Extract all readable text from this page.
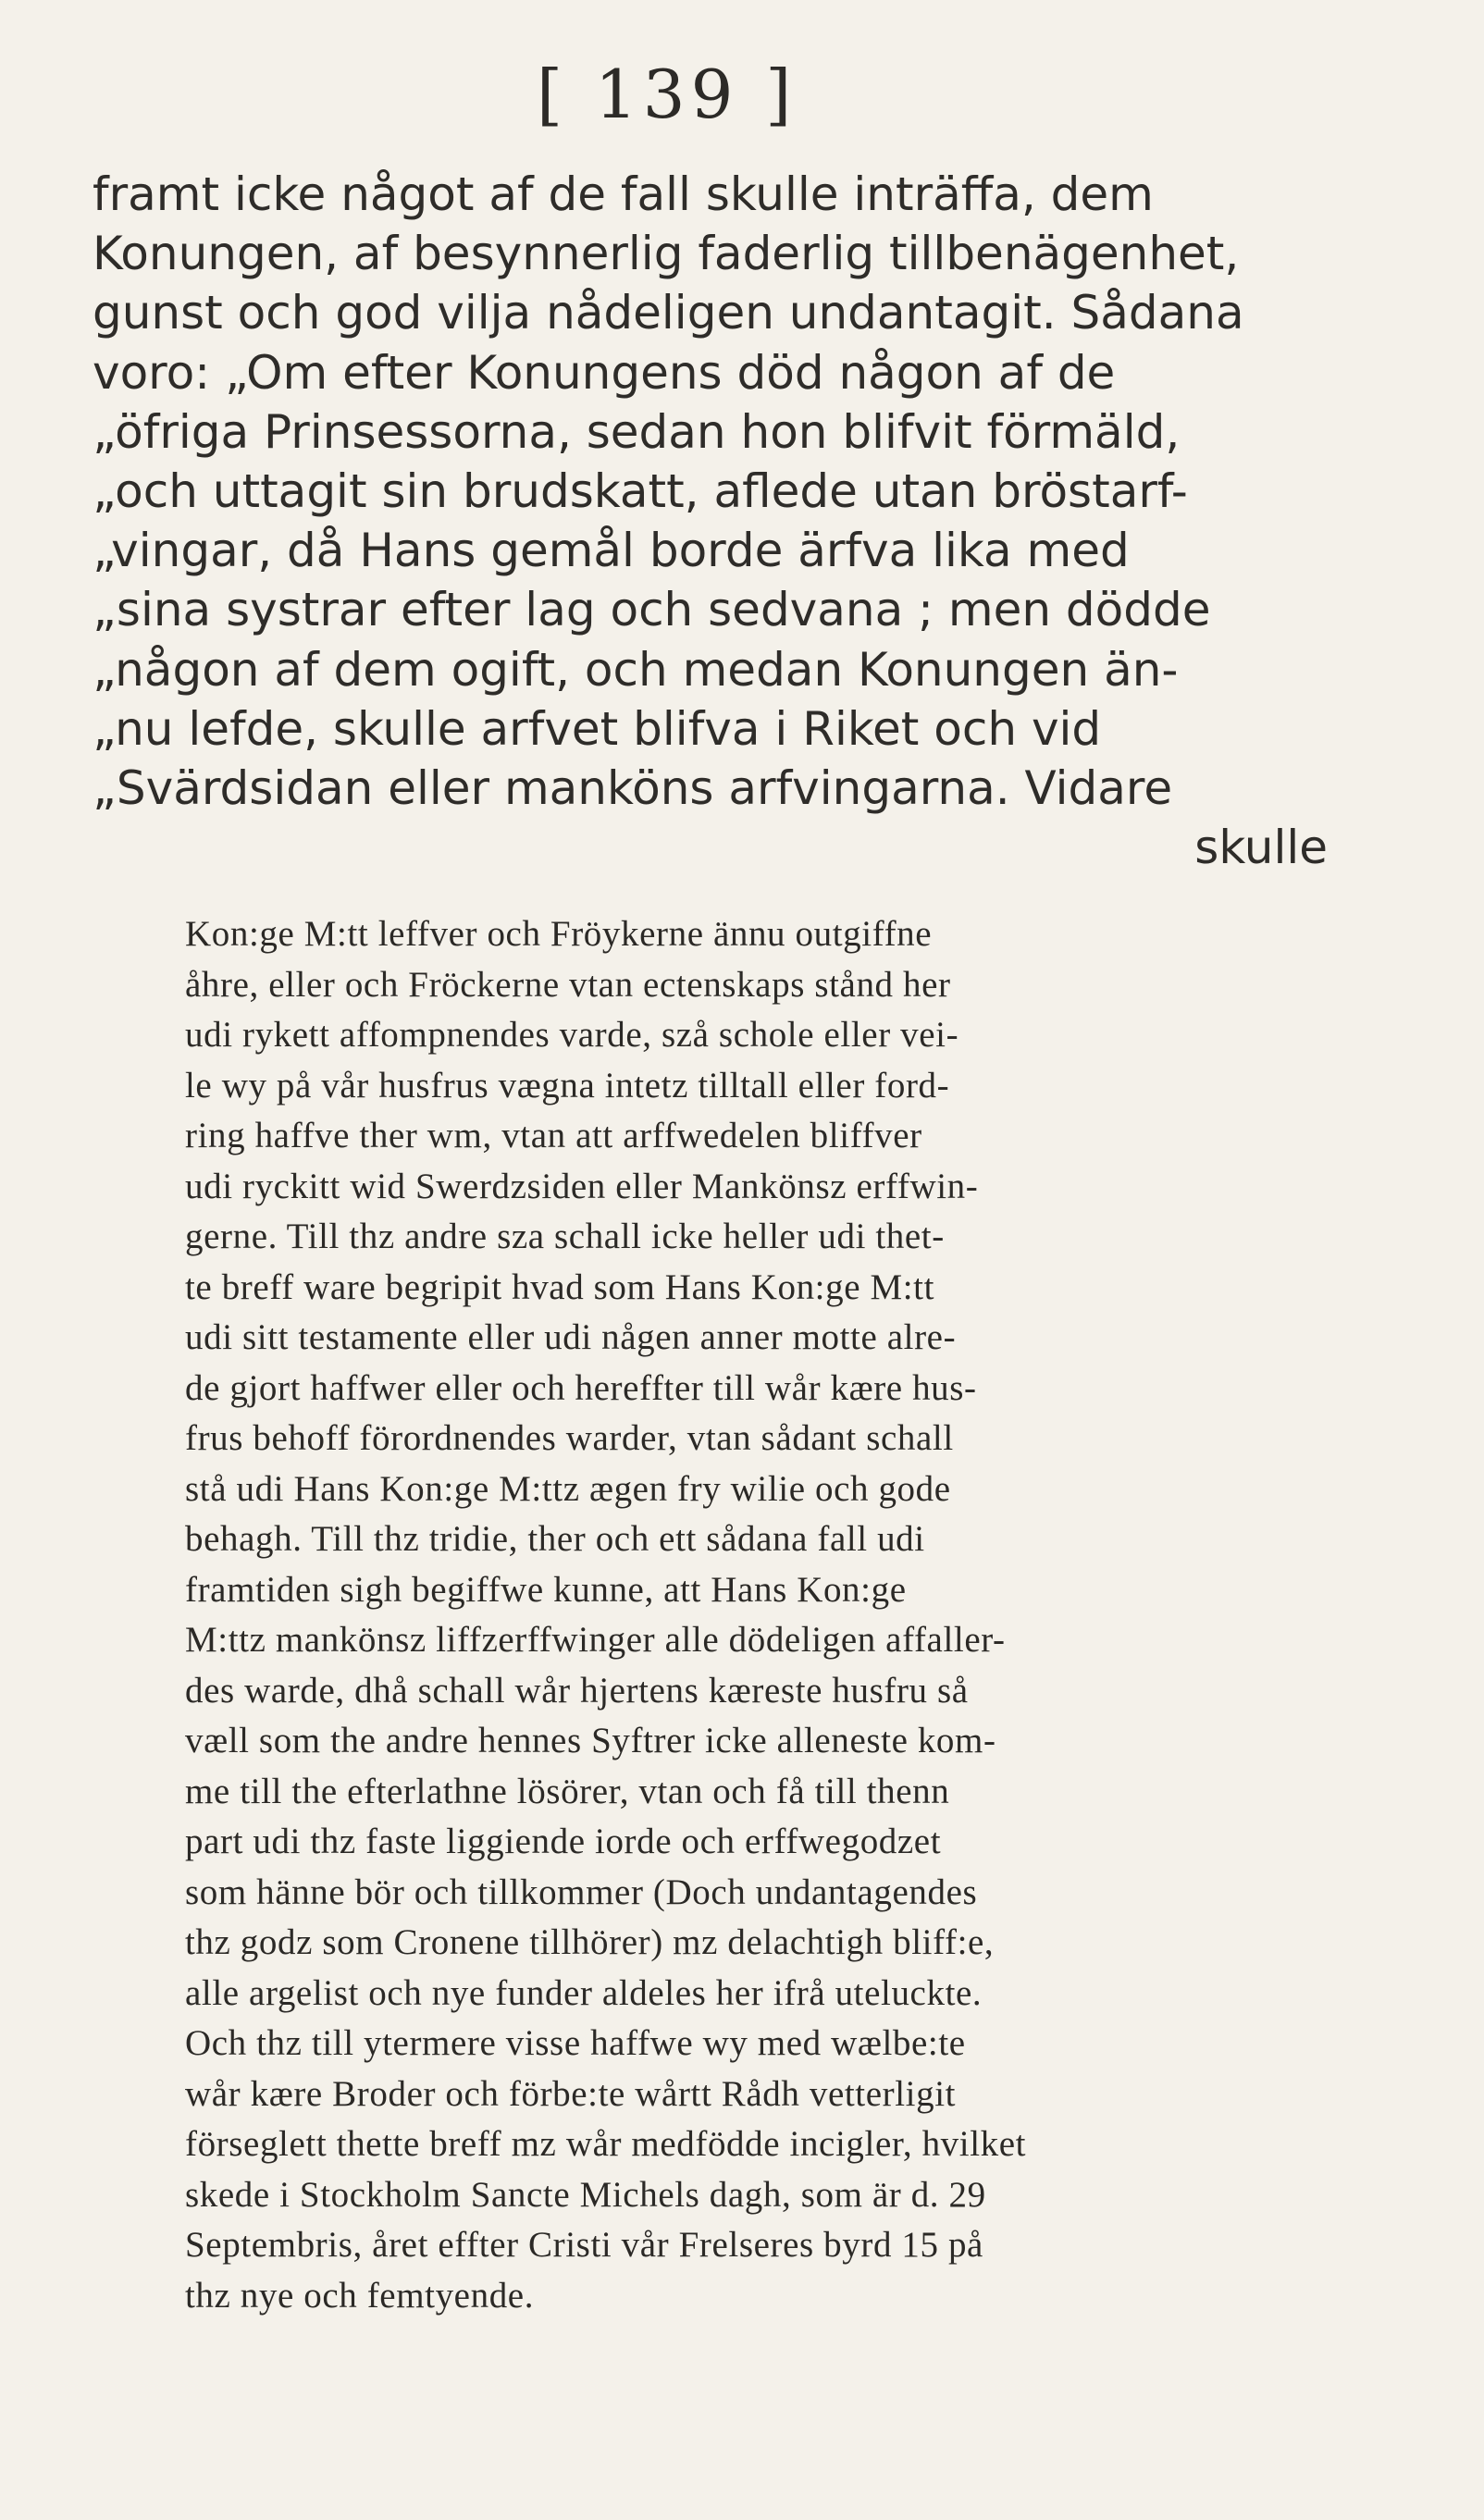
[ 139 ]
framt icke något af de fall skulle inträffa, dem
Konungen, af besynnerlig faderlig tillbenägenhet,
gunst och god vilja nådeligen undantagit. Sådana
voro: „Om efter Konungens död någon af de
„öfriga Prinsessorna, sedan hon blifvit förmäld,
„och uttagit sin brudskatt, aflede utan bröstarf-
„vingar, då Hans gemål borde ärfva lika med
„sina systrar efter lag och sedvana ; men dödde
„någon af dem ogift, och medan Konungen än-
„nu lefde, skulle arfvet blifva i Riket och vid
„Svärdsidan eller manköns arfvingarna. Vidare
skulle
Kon:ge M:tt leffver och Fröykerne ännu outgiffne
åhre, eller och Fröckerne vtan ectenskaps stånd her
udi rykett affompnendes varde, szå schole eller vei-
le wy på vår husfrus vægna intetz tilltall eller ford-
ring haffve ther wm, vtan att arffwedelen bliffver
udi ryckitt wid Swerdzsiden eller Mankönsz erffwin-
gerne. Till thz andre sza schall icke heller udi thet-
te breff ware begripit hvad som Hans Kon:ge M:tt
udi sitt testamente eller udi någen anner motte alre-
de gjort haffwer eller och hereffter till wår kære hus-
frus behoff förordnendes warder, vtan sådant schall
stå udi Hans Kon:ge M:ttz ægen fry wilie och gode
behagh. Till thz tridie, ther och ett sådana fall udi
framtiden sigh begiffwe kunne, att Hans Kon:ge
M:ttz mankönsz liffzerffwinger alle dödeligen affaller-
des warde, dhå schall wår hjertens kæreste husfru så
væll som the andre hennes Syftrer icke alleneste kom-
me till the efterlathne lösörer, vtan och få till thenn
part udi thz faste liggiende iorde och erffwegodzet
som hänne bör och tillkommer (Doch undantagendes
thz godz som Cronene tillhörer) mz delachtigh bliff:e,
alle argelist och nye funder aldeles her ifrå uteluckte.
Och thz till ytermere visse haffwe wy med wælbe:te
wår kære Broder och förbe:te wårtt Rådh vetterligit
förseglett thette breff mz wår medfödde incigler, hvilket
skede i Stockholm Sancte Michels dagh, som är d. 29
Septembris, året effter Cristi vår Frelseres byrd 15 på
thz nye och femtyende.
